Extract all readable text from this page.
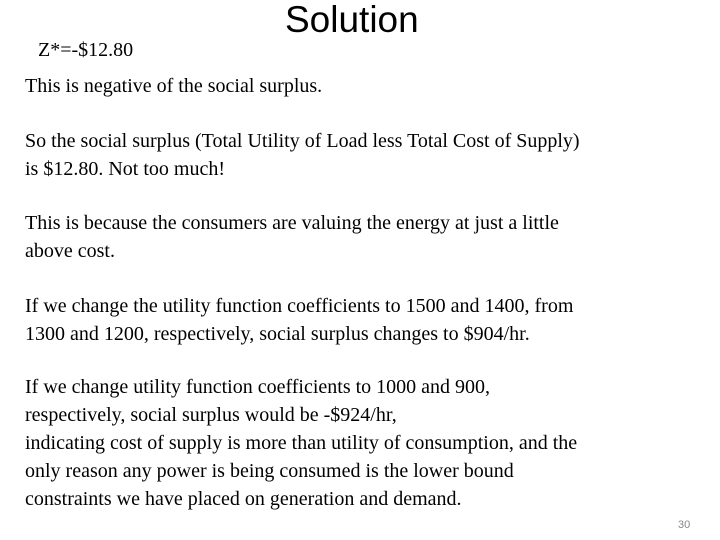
Solution
Z*=-$12.80
This is negative of the social surplus.
So the social surplus (Total Utility of Load less Total Cost of Supply)
is $12.80. Not too much!
This is because the consumers are valuing the energy at just a little
above cost.
If we change the utility function coefficients to 1500 and 1400, from
1300 and 1200, respectively, social surplus changes to $904/hr.
If we change utility function coefficients to 1000 and 900,
respectively, social surplus would be -$924/hr,
indicating cost of supply is more than utility of consumption, and the
only reason any power is being consumed is the lower bound
constraints we have placed on generation and demand.
30
